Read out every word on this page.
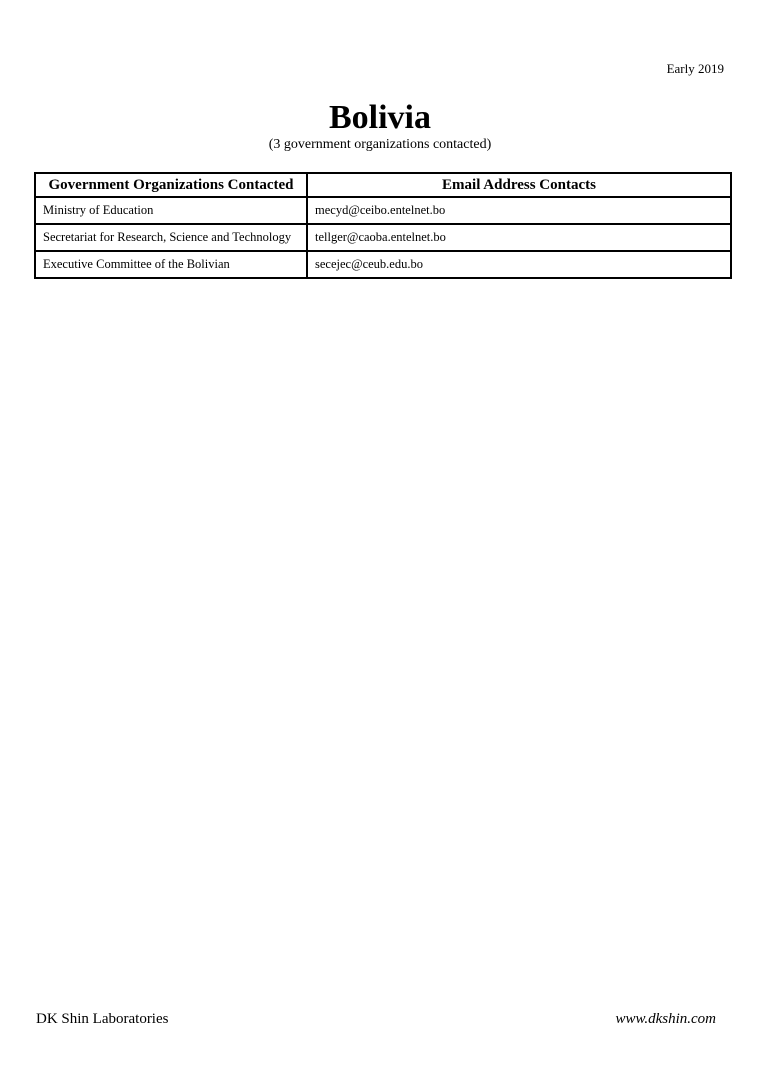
Early 2019
Bolivia
(3 government organizations contacted)
Government Organizations Contacted	Email Address Contacts
Ministry of Education	mecyd@ceibo.entelnet.bo
Secretariat for Research, Science and Technology	tellger@caoba.entelnet.bo
Executive Committee of the Bolivian	secejec@ceub.edu.bo
DK Shin Laboratories	www.dkshin.com
